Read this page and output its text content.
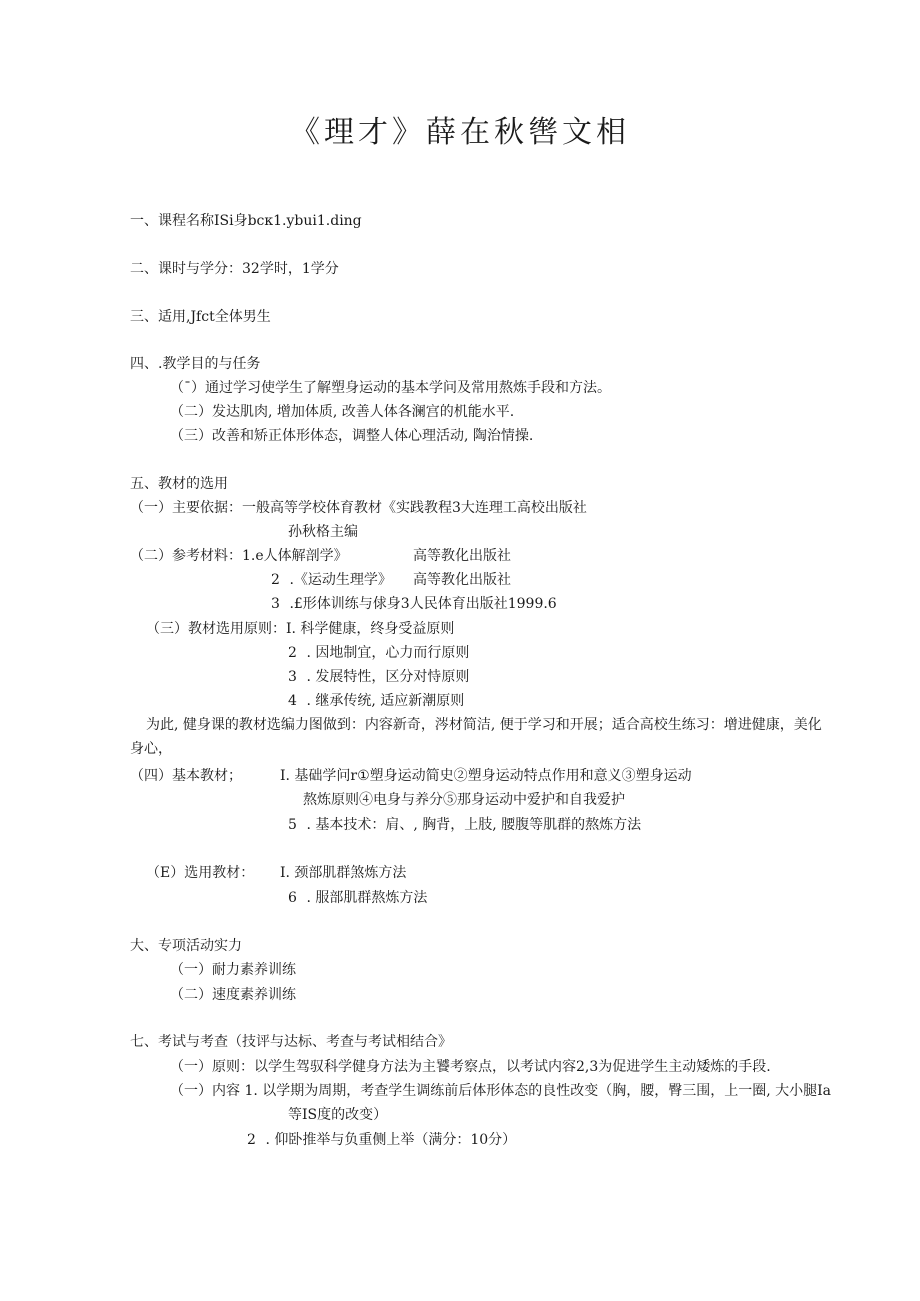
《理才》薛在秋辔文相
一、课程名称ISi身bcκ1.ybui1.ding
二、课时与学分：32学时，1学分
三、适用,Jfct全体男生
四、.教学目的与任务
（¯）通过学习使学生了解塑身运动的基本学问及常用熬炼手段和方法。
（二）发达肌肉, 增加体质, 改善人体各澜宫的机能水平.
（三）改善和矫正体形体态，调整人体心理活动, 陶治情操.
五、教材的选用
（一）主要依据：一般高等学校体育教材《实践教程3大连理工高校出版社
孙秋格主编
（二）参考材料：1.e人体解剖学》	高等教化出版社
2 .《运动生理学》 高等教化出版社
3 .£形体训练与俅身3人民体育出版社1999.6
（三）教材选用原则：I. 科学健康，终身受益原则
2 . 因地制宜，心力而行原则
3 . 发展特性，区分对恃原则
4 . 继承传统, 适应新潮原则
为此, 健身课的教材选编力图做到：内容新奇，涔材简洁, 便于学习和开展；适合高校生练习：增进健康，美化
身心，
（四）基本教材；	I. 基础学问r①塑身运动简史②塑身运动特点作用和意义③塑身运动
熬炼原则④电身与养分⑤那身运动中爱护和自我爱护
5 . 基本技术：肩、, 胸背，上肢, 腰腹等肌群的熬炼方法
（E）选用教材： I. 颈部肌群煞炼方法
6 . 服部肌群熬炼方法
大、专项活动实力
（一）耐力素养训练
（二）速度素养训练
七、考试与考查（技评与达标、考查与考试相结合》
（一）原则：以学生驾驭科学健身方法为主饕考察点，以考试内容2,3为促进学生主动矮炼的手段.
（一）内容 1. 以学期为周期，考查学生调练前后体形体态的良性改变（胸，腰，臀三围，上一圈, 大小腿Ia
等IS度的改变）
2 . 仰卧推举与负重侧上举（满分：10分）
